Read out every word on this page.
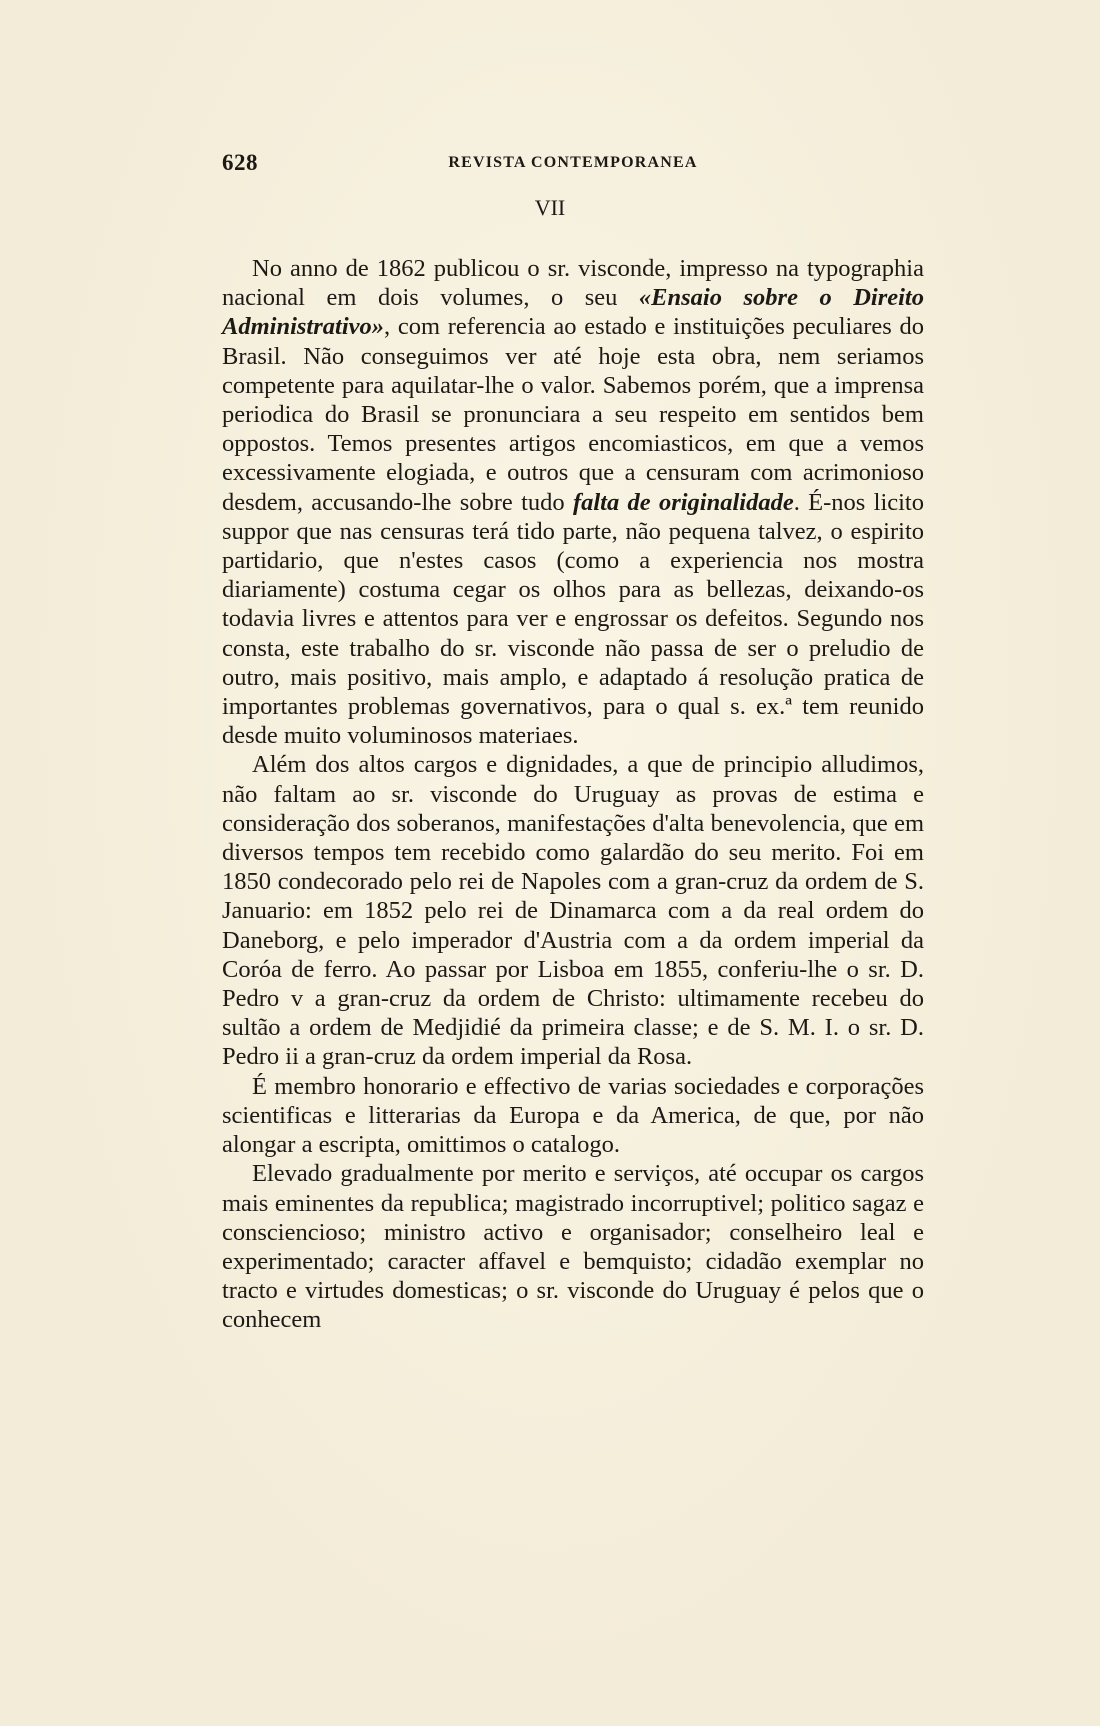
628	REVISTA CONTEMPORANEA
VII

No anno de 1862 publicou o sr. visconde, impresso na typographia nacional em dois volumes, o seu «Ensaio sobre o Direito Administrativo», com referencia ao estado e instituições peculiares do Brasil. Não conseguimos ver até hoje esta obra, nem seriamos competente para aquilatar-lhe o valor. Sabemos porém, que a imprensa periodica do Brasil se pronunciara a seu respeito em sentidos bem oppostos. Temos presentes artigos encomiasticos, em que a vemos excessivamente elogiada, e outros que a censuram com acrimonioso desdem, accusando-lhe sobre tudo falta de originalidade. É-nos licito suppor que nas censuras terá tido parte, não pequena talvez, o espirito partidario, que n'estes casos (como a experiencia nos mostra diariamente) costuma cegar os olhos para as bellezas, deixando-os todavia livres e attentos para ver e engrossar os defeitos. Segundo nos consta, este trabalho do sr. visconde não passa de ser o preludio de outro, mais positivo, mais amplo, e adaptado á resolução pratica de importantes problemas governativos, para o qual s. ex.ª tem reunido desde muito voluminosos materiaes.

Além dos altos cargos e dignidades, a que de principio alludimos, não faltam ao sr. visconde do Uruguay as provas de estima e consideração dos soberanos, manifestações d'alta benevolencia, que em diversos tempos tem recebido como galardão do seu merito. Foi em 1850 condecorado pelo rei de Napoles com a gran-cruz da ordem de S. Januario: em 1852 pelo rei de Dinamarca com a da real ordem do Daneborg, e pelo imperador d'Austria com a da ordem imperial da Coróa de ferro. Ao passar por Lisboa em 1855, conferiu-lhe o sr. D. Pedro v a gran-cruz da ordem de Christo: ultimamente recebeu do sultão a ordem de Medjidié da primeira classe; e de S. M. I. o sr. D. Pedro ii a gran-cruz da ordem imperial da Rosa.

É membro honorario e effectivo de varias sociedades e corporações scientificas e litterarias da Europa e da America, de que, por não alongar a escripta, omittimos o catalogo.

Elevado gradualmente por merito e serviços, até occupar os cargos mais eminentes da republica; magistrado incorruptivel; politico sagaz e consciencioso; ministro activo e organisador; conselheiro leal e experimentado; caracter affavel e bemquisto; cidadão exemplar no tracto e virtudes domesticas; o sr. visconde do Uruguay é pelos que o conhecem
